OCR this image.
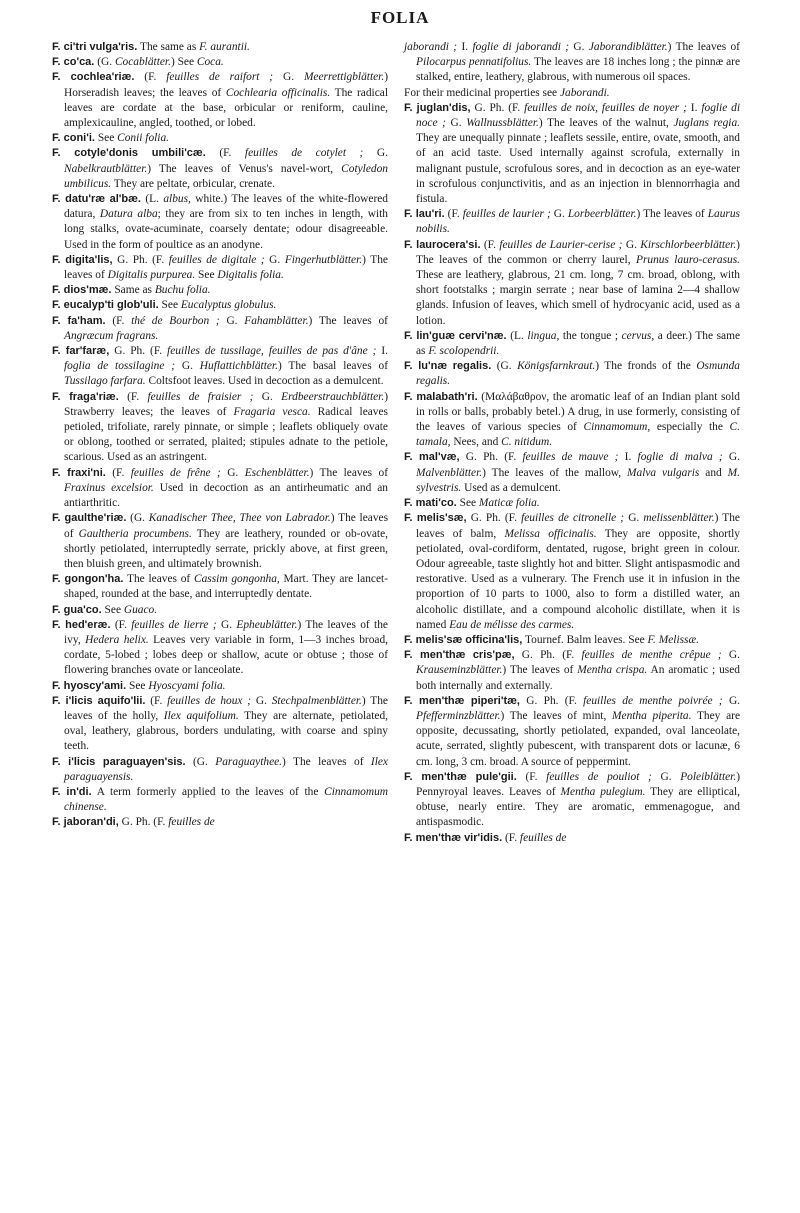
FOLIA

F. ci'tri vulga'ris. The same as F. aurantii.

F. co'ca. (G. Cocablätter.) See Coca.

F. cochlea'riæ. (F. feuilles de raifort ; G. Meerrettigblätter.) Horseradish leaves; the leaves of Cochlearia officinalis. The radical leaves are cordate at the base, orbicular or reniform, cauline, amplexicauline, angled, toothed, or lobed.

F. coni'i. See Conii folia.

F. cotyle'donis umbili'cæ. (F. feuilles de cotylet ; G. Nabelkrautblätter.) The leaves of Venus's navel-wort, Cotyledon umbilicus. They are peltate, orbicular, crenate.

F. datu'ræ al'bæ. (L. albus, white.) The leaves of the white-flowered datura, Datura alba; they are from six to ten inches in length, with long stalks, ovate-acuminate, coarsely dentate; odour disagreeable. Used in the form of poultice as an anodyne.

F. digita'lis, G. Ph. (F. feuilles de digitale ; G. Fingerhutblätter.) The leaves of Digitalis purpurea. See Digitalis folia.

F. dios'mæ. Same as Buchu folia.

F. eucalyp'ti glob'uli. See Eucalyptus globulus.

F. fa'ham. (F. thé de Bourbon ; G. Fahamblätter.) The leaves of Angræcum fragrans.

F. far'faræ, G. Ph. (F. feuilles de tussilage, feuilles de pas d'âne ; I. foglia de tossilagine ; G. Huflattichblätter.) The basal leaves of Tussilago farfara. Coltsfoot leaves. Used in decoction as a demulcent.

F. fraga'riæ. (F. feuilles de fraisier ; G. Erdbeerstrauchblätter.) Strawberry leaves; the leaves of Fragaria vesca. Radical leaves petioled, trifoliate, rarely pinnate, or simple ; leaflets obliquely ovate or oblong, toothed or serrated, plaited; stipules adnate to the petiole, scarious. Used as an astringent.

F. fraxi'ni. (F. feuilles de frêne ; G. Eschenblätter.) The leaves of Fraxinus excelsior. Used in decoction as an antirheumatic and an antiarthritic.

F. gaulthe'riæ. (G. Kanadischer Thee, Thee von Labrador.) The leaves of Gaultheria procumbens. They are leathery, rounded or ob-ovate, shortly petiolated, interruptedly serrate, prickly above, at first green, then bluish green, and ultimately brownish.

F. gongon'ha. The leaves of Cassim gongonha, Mart. They are lancet-shaped, rounded at the base, and interruptedly dentate.

F. gua'co. See Guaco.

F. hed'eræ. (F. feuilles de lierre ; G. Epheublätter.) The leaves of the ivy, Hedera helix. Leaves very variable in form, 1—3 inches broad, cordate, 5-lobed ; lobes deep or shallow, acute or obtuse ; those of flowering branches ovate or lanceolate.

F. hyoscy'ami. See Hyoscyami folia.

F. i'licis aquifo'lii. (F. feuilles de houx ; G. Stechpalmenblätter.) The leaves of the holly, Ilex aquifolium. They are alternate, petiolated, oval, leathery, glabrous, borders undulating, with coarse and spiny teeth.

F. i'licis paraguayen'sis. (G. Paraguaythee.) The leaves of Ilex paraguayensis.

F. in'di. A term formerly applied to the leaves of the Cinnamomum chinense.

F. jaboran'di, G. Ph. (F. feuilles de

jaborandi ; I. foglie di jaborandi ; G. Jaborandiblätter.) The leaves of Pilocarpus pennatifolius. The leaves are 18 inches long ; the pinnæ are stalked, entire, leathery, glabrous, with numerous oil spaces.

For their medicinal properties see Jaborandi.

F. juglan'dis, G. Ph. (F. feuilles de noix, feuilles de noyer ; I. foglie di noce ; G. Wallnussblätter.) The leaves of the walnut, Juglans regia. They are unequally pinnate ; leaflets sessile, entire, ovate, smooth, and of an acid taste. Used internally against scrofula, externally in malignant pustule, scrofulous sores, and in decoction as an eye-water in scrofulous conjunctivitis, and as an injection in blennorrhagia and fistula.

F. lau'ri. (F. feuilles de laurier ; G. Lorbeerblätter.) The leaves of Laurus nobilis.

F. laurocera'si. (F. feuilles de Laurier-cerise ; G. Kirschlorbeerblätter.) The leaves of the common or cherry laurel, Prunus lauro-cerasus. These are leathery, glabrous, 21 cm. long, 7 cm. broad, oblong, with short footstalks ; margin serrate ; near base of lamina 2—4 shallow glands. Infusion of leaves, which smell of hydrocyanic acid, used as a lotion.

F. lin'guæ cervi'næ. (L. lingua, the tongue ; cervus, a deer.) The same as F. scolopendrii.

F. lu'næ regalis. (G. Königsfarnkraut.) The fronds of the Osmunda regalis.

F. malabath'ri. (Μαλάβαθρον, the aromatic leaf of an Indian plant sold in rolls or balls, probably betel.) A drug, in use formerly, consisting of the leaves of various species of Cinnamomum, especially the C. tamala, Nees, and C. nitidum.

F. mal'væ, G. Ph. (F. feuilles de mauve ; I. foglie di malva ; G. Malvenblätter.) The leaves of the mallow, Malva vulgaris and M. sylvestris. Used as a demulcent.

F. mati'co. See Maticæ folia.

F. melis'sæ, G. Ph. (F. feuilles de citronelle ; G. melissenblätter.) The leaves of balm, Melissa officinalis. They are opposite, shortly petiolated, oval-cordiform, dentated, rugose, bright green in colour. Odour agreeable, taste slightly hot and bitter. Slight antispasmodic and restorative. Used as a vulnerary. The French use it in infusion in the proportion of 10 parts to 1000, also to form a distilled water, an alcoholic distillate, and a compound alcoholic distillate, when it is named Eau de mélisse des carmes.

F. melis'sæ officina'lis, Tournef. Balm leaves. See F. Melissæ.

F. men'thæ cris'pæ, G. Ph. (F. feuilles de menthe crêpue ; G. Krauseminzblätter.) The leaves of Mentha crispa. An aromatic ; used both internally and externally.

F. men'thæ piperi'tæ, G. Ph. (F. feuilles de menthe poivrée ; G. Pfefferminzblätter.) The leaves of mint, Mentha piperita. They are opposite, decussating, shortly petiolated, expanded, oval lanceolate, acute, serrated, slightly pubescent, with transparent dots or lacunæ, 6 cm. long, 3 cm. broad. A source of peppermint.

F. men'thæ pule'gii. (F. feuilles de pouliot ; G. Poleiblätter.) Pennyroyal leaves. Leaves of Mentha pulegium. They are elliptical, obtuse, nearly entire. They are aromatic, emmenagogue, and antispasmodic.

F. men'thæ vir'idis. (F. feuilles de
